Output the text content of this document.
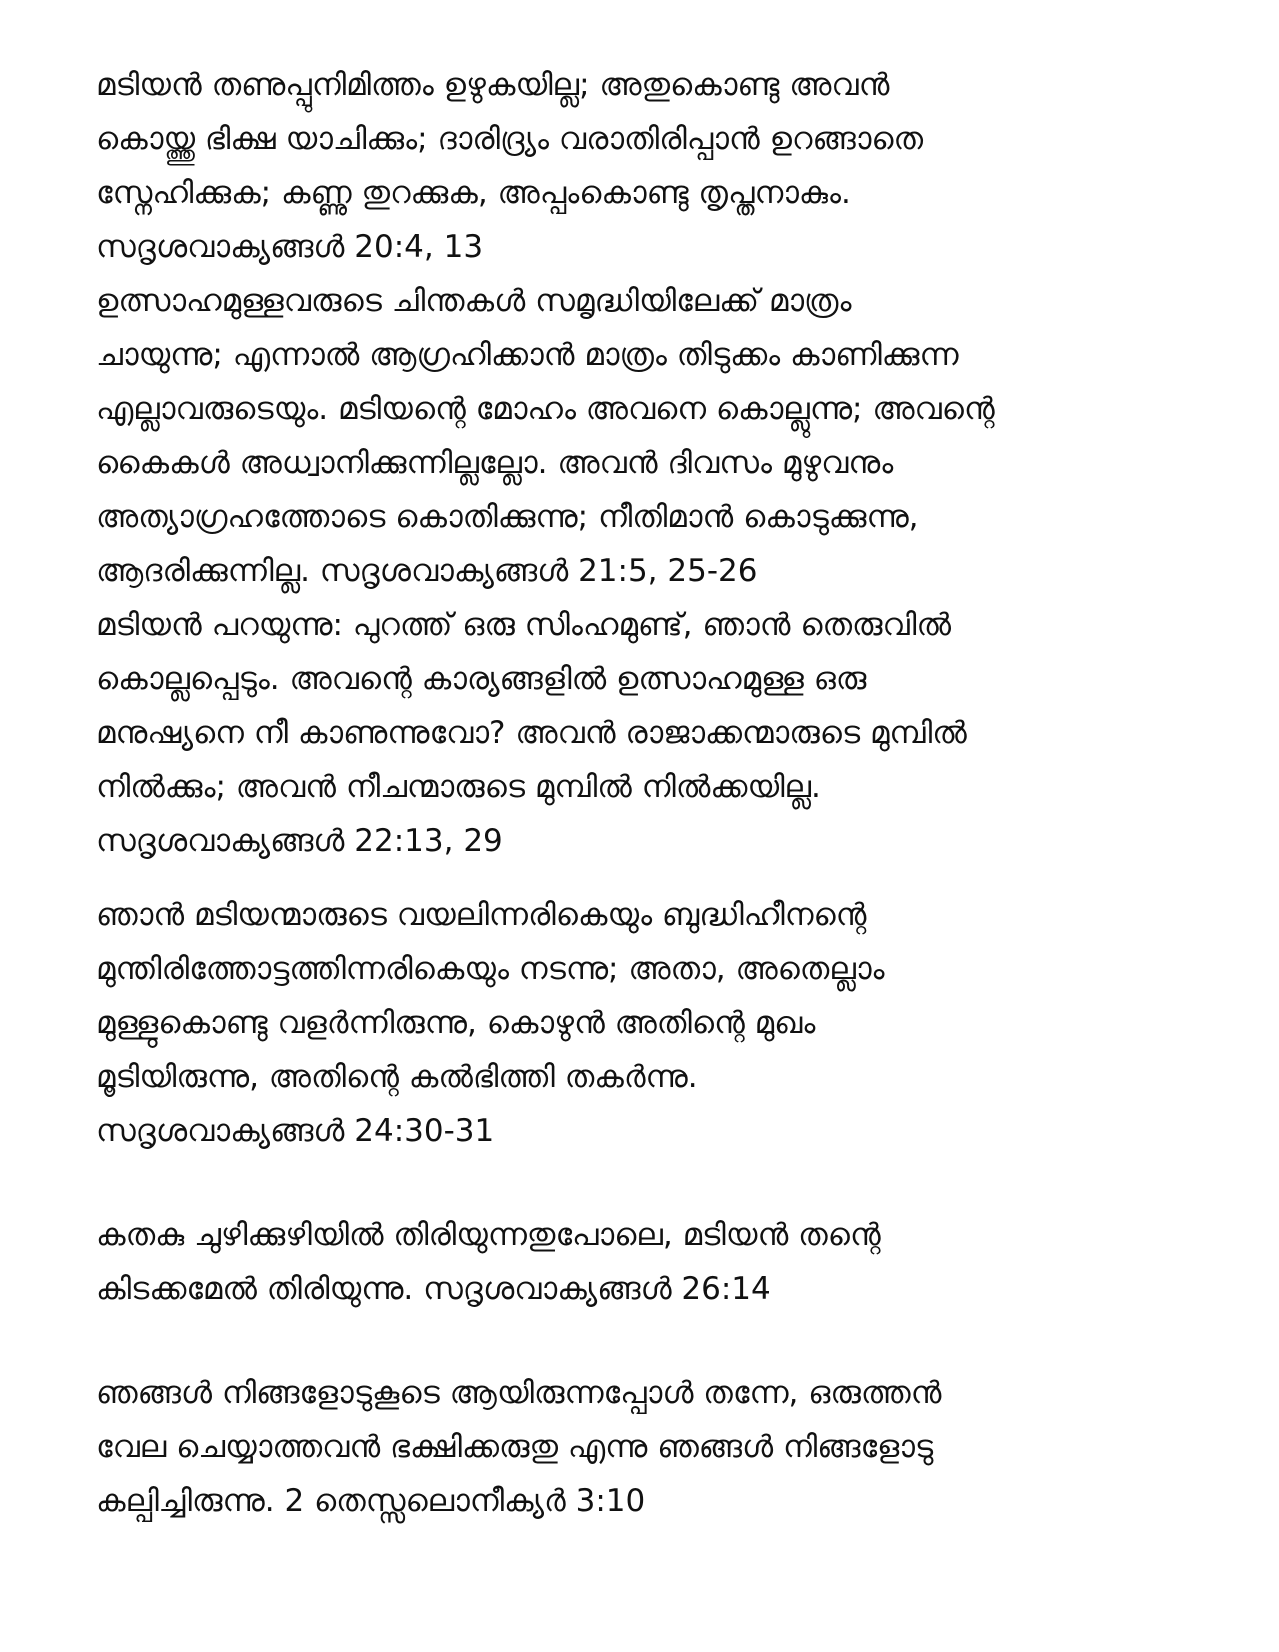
മടിയൻ തണുപ്പുനിമിത്തം ഉഴുകയില്ല; അതുകൊണ്ടു അവൻ
കൊയ്ത്തു ഭിക്ഷ യാചിക്കും; ദാരിദ്ര്യം വരാതിരിപ്പാൻ ഉറങ്ങാതെ
സ്നേഹിക്കുക; കണ്ണു തുറക്കുക, അപ്പംകൊണ്ടു തൃപ്തനാകും.
സദൃശവാക്യങ്ങൾ 20:4, 13
ഉത്സാഹമുള്ളവരുടെ ചിന്തകൾ സമൃദ്ധിയിലേക്ക് മാത്രം
ചായുന്നു; എന്നാൽ ആഗ്രഹിക്കാൻ മാത്രം തിടുക്കം കാണിക്കുന്ന
എല്ലാവരുടെയും. മടിയന്റെ മോഹം അവനെ കൊല്ലുന്നു; അവന്റെ
കൈകൾ അധ്വാനിക്കുന്നില്ലല്ലോ. അവൻ ദിവസം മുഴുവനും
അത്യാഗ്രഹത്തോടെ കൊതിക്കുന്നു; നീതിമാൻ കൊടുക്കുന്നു,
ആദരിക്കുന്നില്ല. സദൃശവാക്യങ്ങൾ 21:5, 25-26
മടിയൻ പറയുന്നു: പുറത്ത് ഒരു സിംഹമുണ്ട്, ഞാൻ തെരുവിൽ
കൊല്ലപ്പെടും. അവന്റെ കാര്യങ്ങളിൽ ഉത്സാഹമുള്ള ഒരു
മനുഷ്യനെ നീ കാണുന്നുവോ? അവൻ രാജാക്കന്മാരുടെ മുമ്പിൽ
നിൽക്കും; അവൻ നീചന്മാരുടെ മുമ്പിൽ നിൽക്കയില്ല.
സദൃശവാക്യങ്ങൾ 22:13, 29
ഞാൻ മടിയന്മാരുടെ വയലിന്നരികെയും ബുദ്ധിഹീനന്റെ
മുന്തിരിത്തോട്ടത്തിന്നരികെയും നടന്നു; അതാ, അതെല്ലാം
മുള്ളുകൊണ്ടു വളർന്നിരുന്നു, കൊഴുൻ അതിന്റെ മുഖം
മൂടിയിരുന്നു, അതിന്റെ കൽഭിത്തി തകർന്നു.
സദൃശവാക്യങ്ങൾ 24:30-31
കതകു ചുഴിക്കുഴിയിൽ തിരിയുന്നതുപോലെ, മടിയൻ തന്റെ
കിടക്കമേൽ തിരിയുന്നു. സദൃശവാക്യങ്ങൾ 26:14
ഞങ്ങൾ നിങ്ങളോടുകൂടെ ആയിരുന്നപ്പോൾ തന്നേ, ഒരുത്തൻ
വേല ചെയ്യാത്തവൻ ഭക്ഷിക്കരുതു എന്നു ഞങ്ങൾ നിങ്ങളോടു
കല്പിച്ചിരുന്നു. 2 തെസ്സലൊനീക്യർ 3:10
